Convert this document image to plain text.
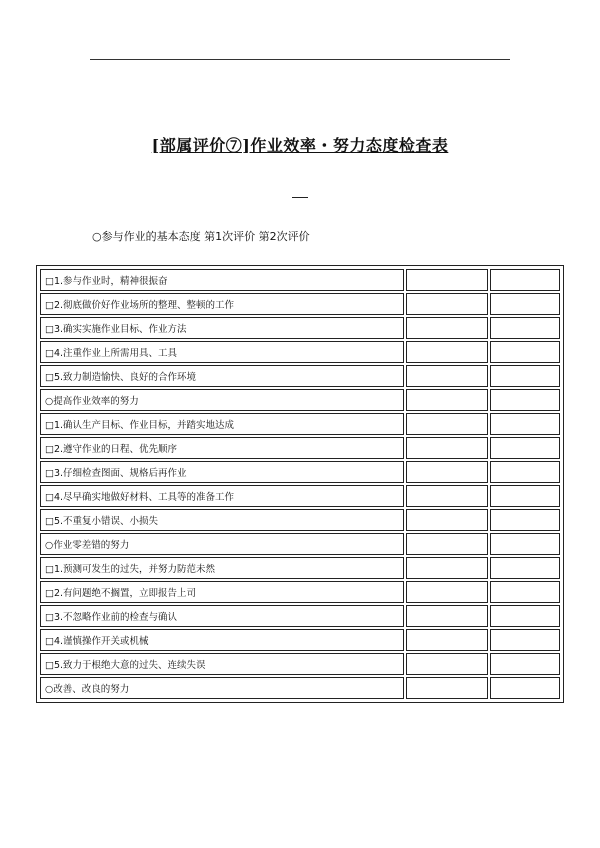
[部属评价⑦]作业效率・努力态度检查表
○参与作业的基本态度 第1次评价 第2次评价
□1.参与作业时，精神很振奋		
□2.彻底做价好作业场所的整理、整顿的工作		
□3.确实实施作业目标、作业方法		
□4.注重作业上所需用具、工具		
□5.致力制造愉快、良好的合作环境		
○提高作业效率的努力		
□1.确认生产目标、作业目标，并踏实地达成		
□2.遵守作业的日程、优先顺序		
□3.仔细检查图面、规格后再作业		
□4.尽早确实地做好材料、工具等的准备工作		
□5.不重复小错误、小损失		
○作业零差错的努力		
□1.预测可发生的过失，并努力防范未然		
□2.有问题绝不搁置，立即报告上司		
□3.不忽略作业前的检查与确认		
□4.谨慎操作开关或机械		
□5.致力于根绝大意的过失、连续失误		
○改善、改良的努力		
